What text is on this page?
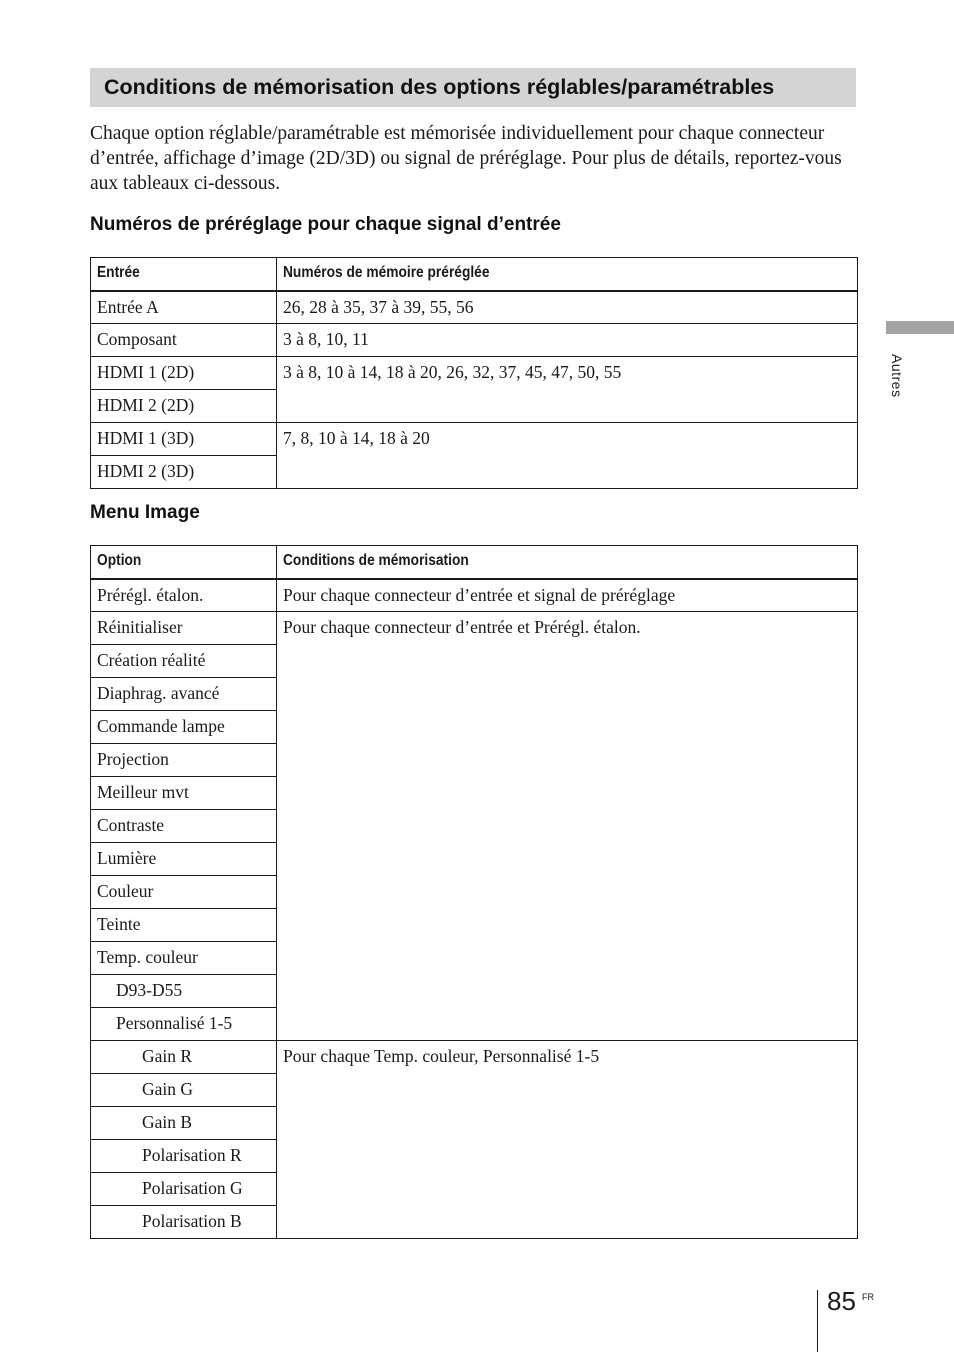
Conditions de mémorisation des options réglables/paramétrables

Chaque option réglable/paramétrable est mémorisée individuellement pour chaque connecteur d’entrée, affichage d’image (2D/3D) ou signal de préréglage. Pour plus de détails, reportez-vous aux tableaux ci-dessous.

Numéros de préréglage pour chaque signal d’entrée
Entrée	Numéros de mémoire préréglée
Entrée A	26, 28 à 35, 37 à 39, 55, 56
Composant	3 à 8, 10, 11
HDMI 1 (2D)	3 à 8, 10 à 14, 18 à 20, 26, 32, 37, 45, 47, 50, 55
HDMI 2 (2D)	
HDMI 1 (3D)	7, 8, 10 à 14, 18 à 20
HDMI 2 (3D)	
Menu Image
Option	Conditions de mémorisation
Prérégl. étalon.	Pour chaque connecteur d’entrée et signal de préréglage
Réinitialiser	Pour chaque connecteur d’entrée et Prérégl. étalon.
Création réalité	
Diaphrag. avancé	
Commande lampe	
Projection	
Meilleur mvt	
Contraste	
Lumière	
Couleur	
Teinte	
Temp. couleur	
D93-D55	
Personnalisé 1-5	
Gain R	Pour chaque Temp. couleur, Personnalisé 1-5
Gain G	
Gain B	
Polarisation R	
Polarisation G	
Polarisation B	
Autres
85 FR
